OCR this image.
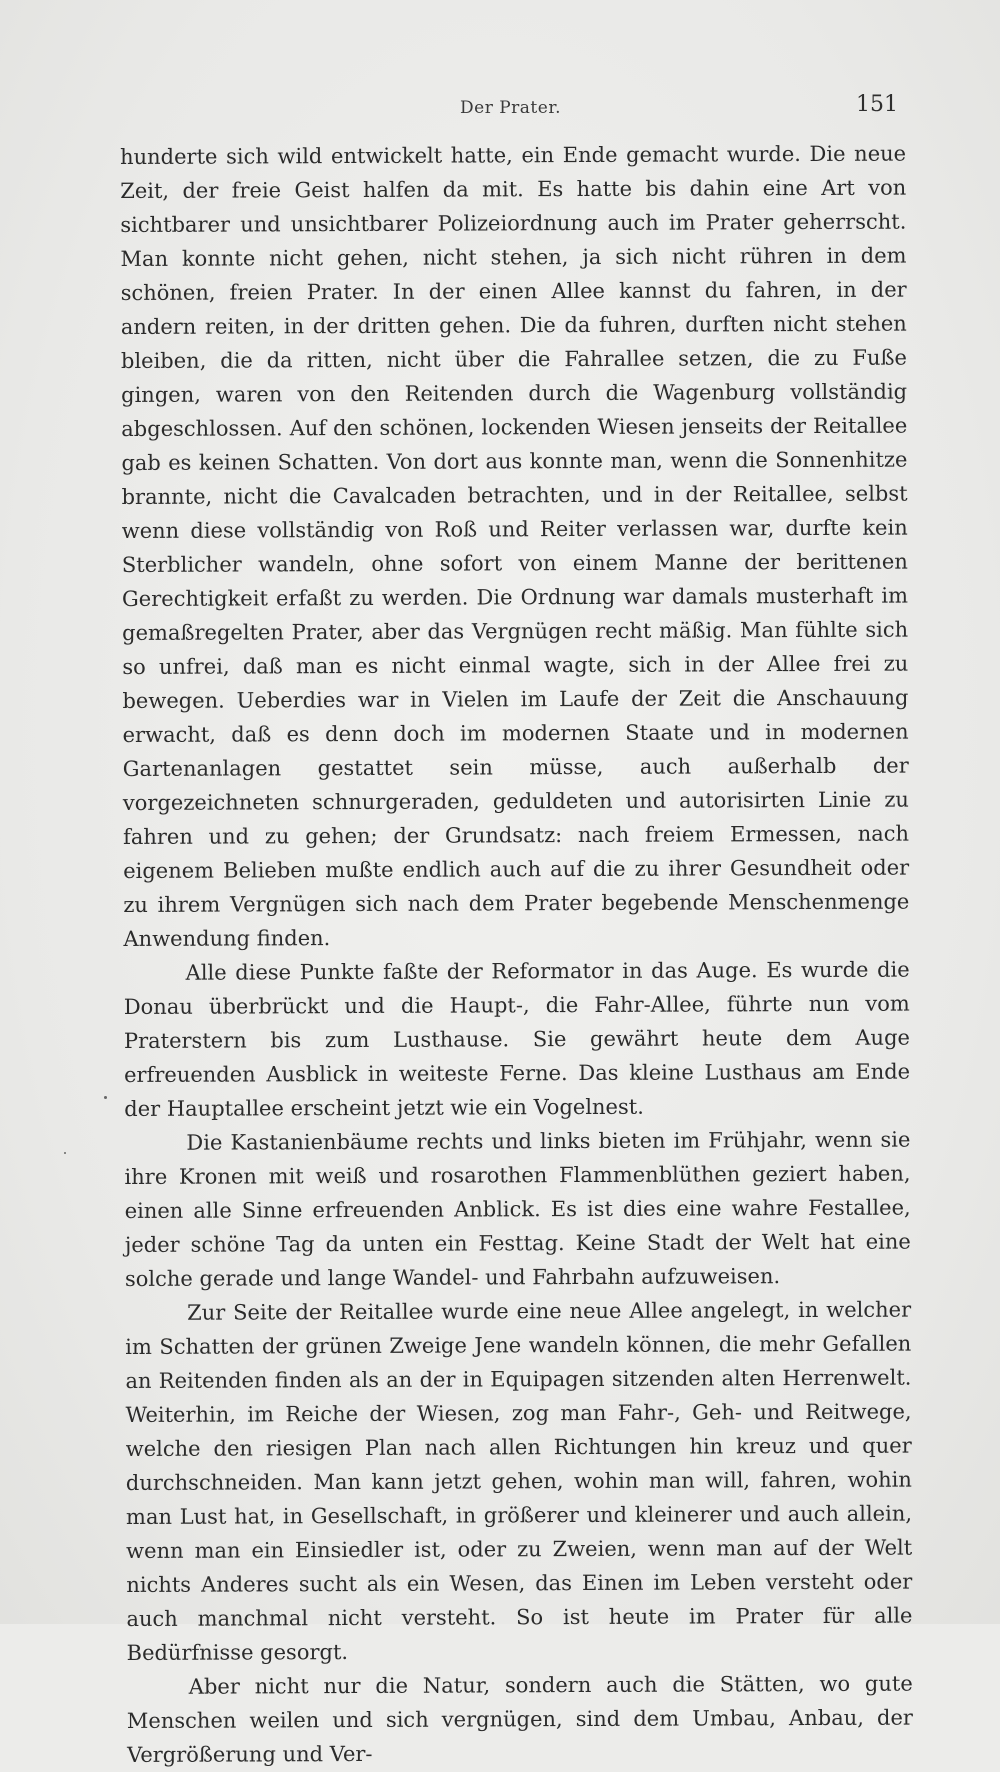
Der Prater.	151

hunderte sich wild entwickelt hatte, ein Ende gemacht wurde. Die neue Zeit, der freie Geist halfen da mit. Es hatte bis dahin eine Art von sichtbarer und unsichtbarer Polizeiordnung auch im Prater geherrscht. Man konnte nicht gehen, nicht stehen, ja sich nicht rühren in dem schönen, freien Prater. In der einen Allee kannst du fahren, in der andern reiten, in der dritten gehen. Die da fuhren, durften nicht stehen bleiben, die da ritten, nicht über die Fahrallee setzen, die zu Fuße gingen, waren von den Reitenden durch die Wagenburg vollständig abgeschlossen. Auf den schönen, lockenden Wiesen jenseits der Reitallee gab es keinen Schatten. Von dort aus konnte man, wenn die Sonnenhitze brannte, nicht die Cavalcaden betrachten, und in der Reitallee, selbst wenn diese vollständig von Roß und Reiter verlassen war, durfte kein Sterblicher wandeln, ohne sofort von einem Manne der berittenen Gerechtigkeit erfaßt zu werden. Die Ordnung war damals musterhaft im gemaßregelten Prater, aber das Vergnügen recht mäßig. Man fühlte sich so unfrei, daß man es nicht einmal wagte, sich in der Allee frei zu bewegen. Ueberdies war in Vielen im Laufe der Zeit die Anschauung erwacht, daß es denn doch im modernen Staate und in modernen Gartenanlagen gestattet sein müsse, auch außerhalb der vorgezeichneten schnurgeraden, geduldeten und autorisirten Linie zu fahren und zu gehen; der Grundsatz: nach freiem Ermessen, nach eigenem Belieben mußte endlich auch auf die zu ihrer Gesundheit oder zu ihrem Vergnügen sich nach dem Prater begebende Menschenmenge Anwendung finden.

Alle diese Punkte faßte der Reformator in das Auge. Es wurde die Donau überbrückt und die Haupt-, die Fahr-Allee, führte nun vom Praterstern bis zum Lusthause. Sie gewährt heute dem Auge erfreuenden Ausblick in weiteste Ferne. Das kleine Lusthaus am Ende der Hauptallee erscheint jetzt wie ein Vogelnest.

Die Kastanienbäume rechts und links bieten im Frühjahr, wenn sie ihre Kronen mit weiß und rosarothen Flammenblüthen geziert haben, einen alle Sinne erfreuenden Anblick. Es ist dies eine wahre Festallee, jeder schöne Tag da unten ein Festtag. Keine Stadt der Welt hat eine solche gerade und lange Wandel- und Fahrbahn aufzuweisen.

Zur Seite der Reitallee wurde eine neue Allee angelegt, in welcher im Schatten der grünen Zweige Jene wandeln können, die mehr Gefallen an Reitenden finden als an der in Equipagen sitzenden alten Herrenwelt. Weiterhin, im Reiche der Wiesen, zog man Fahr-, Geh- und Reitwege, welche den riesigen Plan nach allen Richtungen hin kreuz und quer durchschneiden. Man kann jetzt gehen, wohin man will, fahren, wohin man Lust hat, in Gesellschaft, in größerer und kleinerer und auch allein, wenn man ein Einsiedler ist, oder zu Zweien, wenn man auf der Welt nichts Anderes sucht als ein Wesen, das Einen im Leben versteht oder auch manchmal nicht versteht. So ist heute im Prater für alle Bedürfnisse gesorgt.

Aber nicht nur die Natur, sondern auch die Stätten, wo gute Menschen weilen und sich vergnügen, sind dem Umbau, Anbau, der Vergrößerung und Ver-
